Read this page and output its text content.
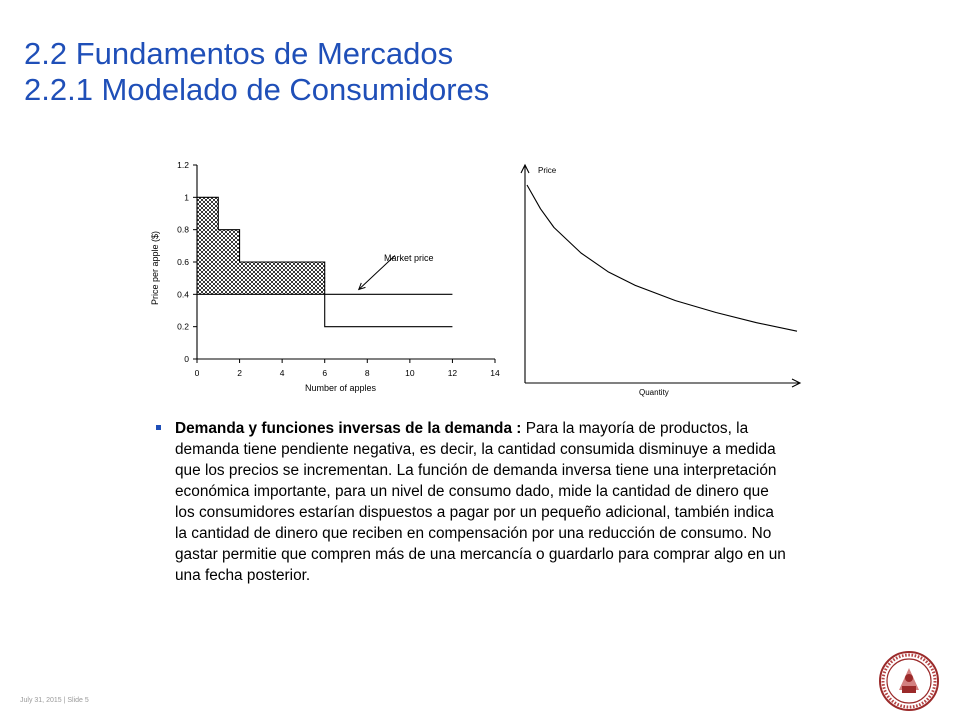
2.2 Fundamentos de Mercados
2.2.1 Modelado de Consumidores
0
0.2
0.4
0.6
0.8
1
1.2
0	2	4	6	8	10	12	14
Number of apples
Price per apple ($)	Market price
Price
Quantity
Demanda y funciones inversas de la demanda : Para la mayoría de productos, la demanda tiene pendiente negativa, es decir, la cantidad consumida disminuye a medida que los precios se incrementan. La función de demanda inversa tiene una interpretación económica importante, para un nivel de consumo dado, mide la cantidad de dinero que los consumidores estarían dispuestos a pagar por un pequeño adicional, también indica la cantidad de dinero que reciben en compensación por una reducción de consumo. No gastar permitie que compren más de una mercancía o guardarlo para comprar algo en un una fecha posterior.
July 31, 2015 | Slide 5
